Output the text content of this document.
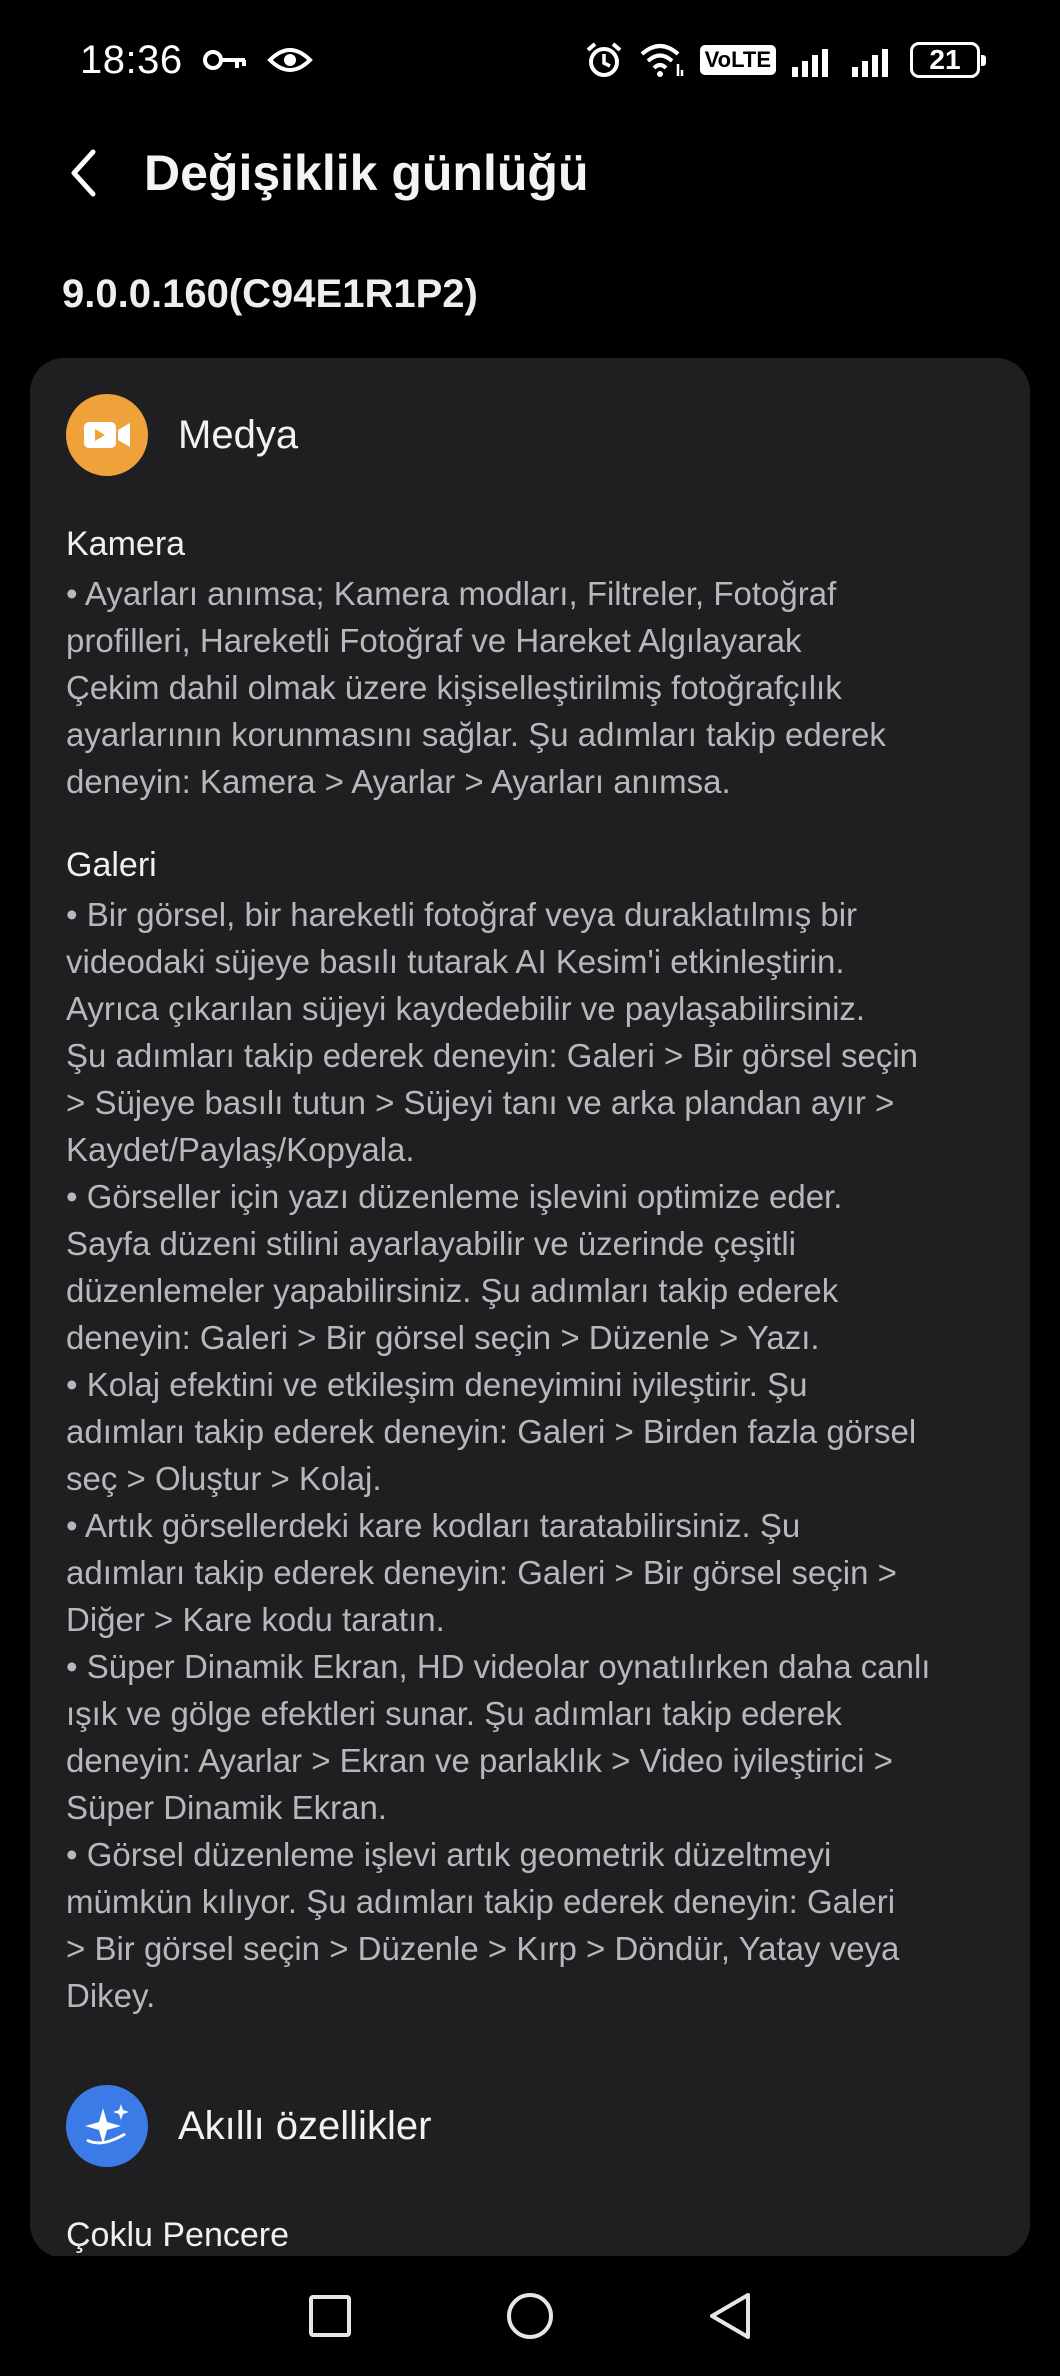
18:36	VoLTE	21
Değişiklik günlüğü
9.0.0.160(C94E1R1P2)
Medya
Kamera
• Ayarları anımsa; Kamera modları, Filtreler, Fotoğraf
profilleri, Hareketli Fotoğraf ve Hareket Algılayarak
Çekim dahil olmak üzere kişiselleştirilmiş fotoğrafçılık
ayarlarının korunmasını sağlar. Şu adımları takip ederek
deneyin: Kamera > Ayarlar > Ayarları anımsa.
Galeri
• Bir görsel, bir hareketli fotoğraf veya duraklatılmış bir
videodaki süjeye basılı tutarak AI Kesim'i etkinleştirin.
Ayrıca çıkarılan süjeyi kaydedebilir ve paylaşabilirsiniz.
Şu adımları takip ederek deneyin: Galeri > Bir görsel seçin
> Süjeye basılı tutun > Süjeyi tanı ve arka plandan ayır >
Kaydet/Paylaş/Kopyala.
• Görseller için yazı düzenleme işlevini optimize eder.
Sayfa düzeni stilini ayarlayabilir ve üzerinde çeşitli
düzenlemeler yapabilirsiniz. Şu adımları takip ederek
deneyin: Galeri > Bir görsel seçin > Düzenle > Yazı.
• Kolaj efektini ve etkileşim deneyimini iyileştirir. Şu
adımları takip ederek deneyin: Galeri > Birden fazla görsel
seç > Oluştur > Kolaj.
• Artık görsellerdeki kare kodları taratabilirsiniz. Şu
adımları takip ederek deneyin: Galeri > Bir görsel seçin >
Diğer > Kare kodu taratın.
• Süper Dinamik Ekran, HD videolar oynatılırken daha canlı
ışık ve gölge efektleri sunar. Şu adımları takip ederek
deneyin: Ayarlar > Ekran ve parlaklık > Video iyileştirici >
Süper Dinamik Ekran.
• Görsel düzenleme işlevi artık geometrik düzeltmeyi
mümkün kılıyor. Şu adımları takip ederek deneyin: Galeri
> Bir görsel seçin > Düzenle > Kırp > Döndür, Yatay veya
Dikey.
Akıllı özellikler
Çoklu Pencere
